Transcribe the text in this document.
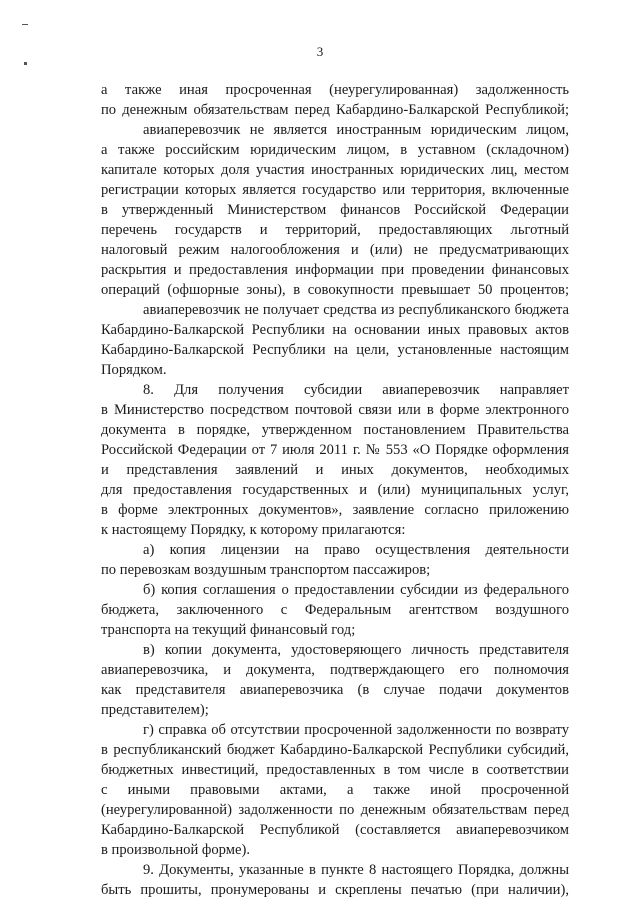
3
а также иная просроченная (неурегулированная) задолженность
по денежным обязательствам перед Кабардино-Балкарской Республикой;
авиаперевозчик не является иностранным юридическим лицом,
а также российским юридическим лицом, в уставном (складочном)
капитале которых доля участия иностранных юридических лиц, местом
регистрации которых является государство или территория, включенные
в утвержденный Министерством финансов Российской Федерации
перечень государств и территорий, предоставляющих льготный
налоговый режим налогообложения и (или) не предусматривающих
раскрытия и предоставления информации при проведении финансовых
операций (офшорные зоны), в совокупности превышает 50 процентов;
авиаперевозчик не получает средства из республиканского бюджета
Кабардино-Балкарской Республики на основании иных правовых актов
Кабардино-Балкарской Республики на цели, установленные настоящим
Порядком.
8. Для получения субсидии авиаперевозчик направляет
в Министерство посредством почтовой связи или в форме электронного
документа в порядке, утвержденном постановлением Правительства
Российской Федерации от 7 июля 2011 г. № 553 «О Порядке оформления
и представления заявлений и иных документов, необходимых
для предоставления государственных и (или) муниципальных услуг,
в форме электронных документов», заявление согласно приложению
к настоящему Порядку, к которому прилагаются:
а) копия лицензии на право осуществления деятельности
по перевозкам воздушным транспортом пассажиров;
б) копия соглашения о предоставлении субсидии из федерального
бюджета, заключенного с Федеральным агентством воздушного
транспорта на текущий финансовый год;
в) копии документа, удостоверяющего личность представителя
авиаперевозчика, и документа, подтверждающего его полномочия
как представителя авиаперевозчика (в случае подачи документов
представителем);
г) справка об отсутствии просроченной задолженности по возврату
в республиканский бюджет Кабардино-Балкарской Республики субсидий,
бюджетных инвестиций, предоставленных в том числе в соответствии
с иными правовыми актами, а также иной просроченной
(неурегулированной) задолженности по денежным обязательствам перед
Кабардино-Балкарской Республикой (составляется авиаперевозчиком
в произвольной форме).
9. Документы, указанные в пункте 8 настоящего Порядка, должны
быть прошиты, пронумерованы и скреплены печатью (при наличии),
